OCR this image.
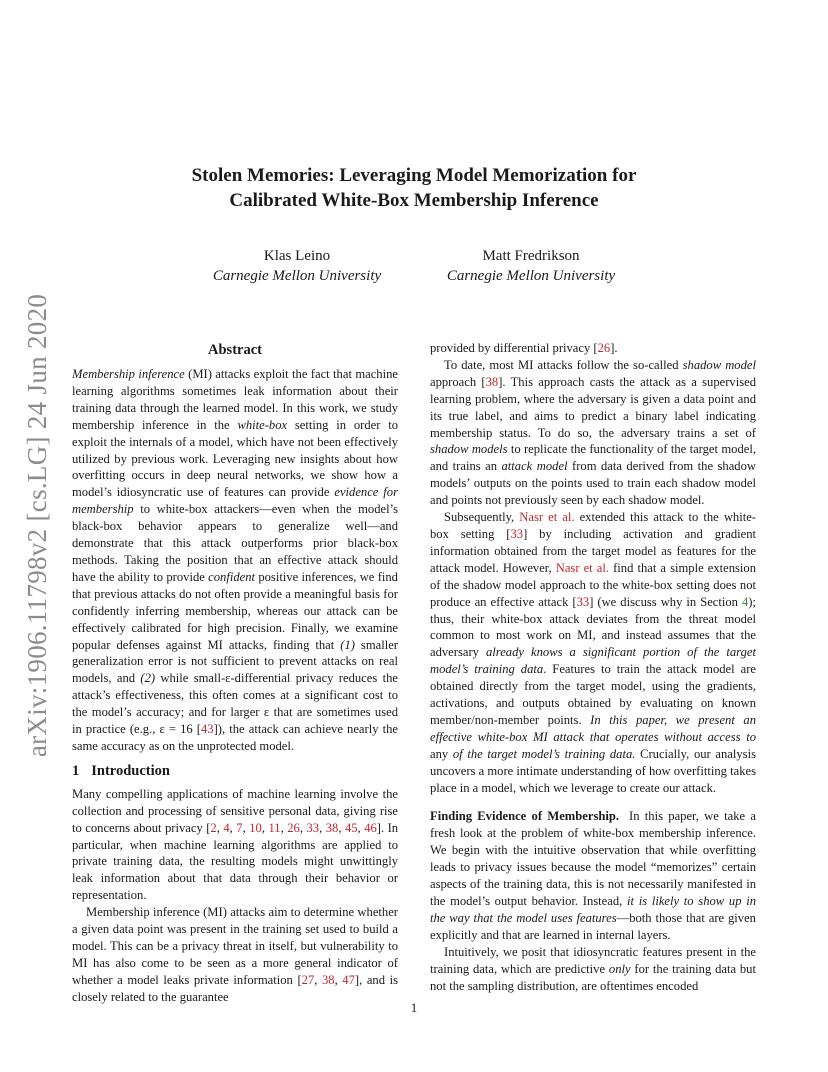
arXiv:1906.11798v2 [cs.LG] 24 Jun 2020
Stolen Memories: Leveraging Model Memorization for
Calibrated White-Box Membership Inference
Klas Leino
Carnegie Mellon University
Matt Fredrikson
Carnegie Mellon University
Abstract

Membership inference (MI) attacks exploit the fact that machine learning algorithms sometimes leak information about their training data through the learned model. In this work, we study membership inference in the white-box setting in order to exploit the internals of a model, which have not been effectively utilized by previous work. Leveraging new insights about how overfitting occurs in deep neural networks, we show how a model’s idiosyncratic use of features can provide evidence for membership to white-box attackers—even when the model’s black-box behavior appears to generalize well—and demonstrate that this attack outperforms prior black-box methods. Taking the position that an effective attack should have the ability to provide confident positive inferences, we find that previous attacks do not often provide a meaningful basis for confidently inferring membership, whereas our attack can be effectively calibrated for high precision. Finally, we examine popular defenses against MI attacks, finding that (1) smaller generalization error is not sufficient to prevent attacks on real models, and (2) while small-ε-differential privacy reduces the attack’s effectiveness, this often comes at a significant cost to the model’s accuracy; and for larger ε that are sometimes used in practice (e.g., ε = 16 [43]), the attack can achieve nearly the same accuracy as on the unprotected model.

1 Introduction

Many compelling applications of machine learning involve the collection and processing of sensitive personal data, giving rise to concerns about privacy [2, 4, 7, 10, 11, 26, 33, 38, 45, 46]. In particular, when machine learning algorithms are applied to private training data, the resulting models might unwittingly leak information about that data through their behavior or representation.

Membership inference (MI) attacks aim to determine whether a given data point was present in the training set used to build a model. This can be a privacy threat in itself, but vulnerability to MI has also come to be seen as a more general indicator of whether a model leaks private information [27, 38, 47], and is closely related to the guarantee

provided by differential privacy [26].

To date, most MI attacks follow the so-called shadow model approach [38]. This approach casts the attack as a supervised learning problem, where the adversary is given a data point and its true label, and aims to predict a binary label indicating membership status. To do so, the adversary trains a set of shadow models to replicate the functionality of the target model, and trains an attack model from data derived from the shadow models’ outputs on the points used to train each shadow model and points not previously seen by each shadow model.

Subsequently, Nasr et al. extended this attack to the white-box setting [33] by including activation and gradient information obtained from the target model as features for the attack model. However, Nasr et al. find that a simple extension of the shadow model approach to the white-box setting does not produce an effective attack [33] (we discuss why in Section 4); thus, their white-box attack deviates from the threat model common to most work on MI, and instead assumes that the adversary already knows a significant portion of the target model’s training data. Features to train the attack model are obtained directly from the target model, using the gradients, activations, and outputs obtained by evaluating on known member/non-member points. In this paper, we present an effective white-box MI attack that operates without access to any of the target model’s training data. Crucially, our analysis uncovers a more intimate understanding of how overfitting takes place in a model, which we leverage to create our attack.

Finding Evidence of Membership. In this paper, we take a fresh look at the problem of white-box membership inference. We begin with the intuitive observation that while overfitting leads to privacy issues because the model “memorizes” certain aspects of the training data, this is not necessarily manifested in the model’s output behavior. Instead, it is likely to show up in the way that the model uses features—both those that are given explicitly and that are learned in internal layers.

Intuitively, we posit that idiosyncratic features present in the training data, which are predictive only for the training data but not the sampling distribution, are oftentimes encoded

1
